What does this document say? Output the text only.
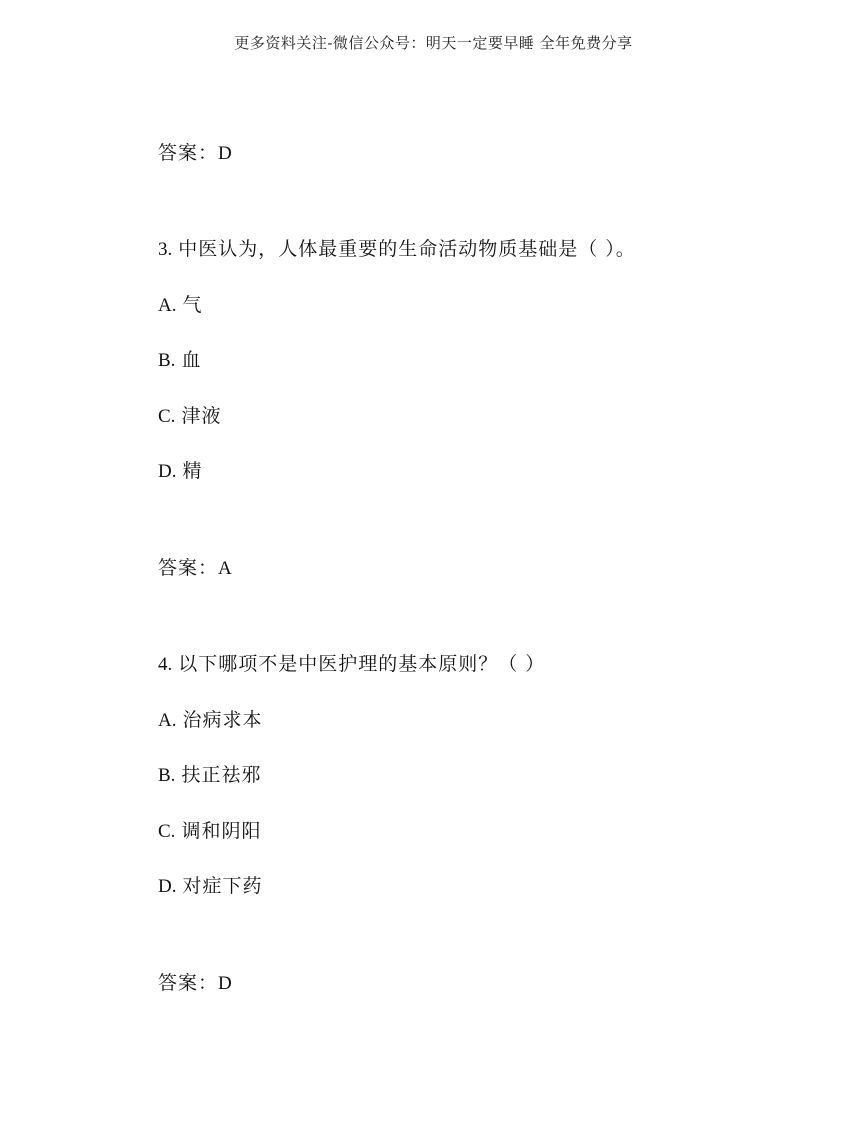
更多资料关注-微信公众号：明天一定要早睡 全年免费分享
答案：D
3. 中医认为，人体最重要的生命活动物质基础是（ ）。
A. 气
B. 血
C. 津液
D. 精
答案：A
4. 以下哪项不是中医护理的基本原则？（ ）
A. 治病求本
B. 扶正祛邪
C. 调和阴阳
D. 对症下药
答案：D
